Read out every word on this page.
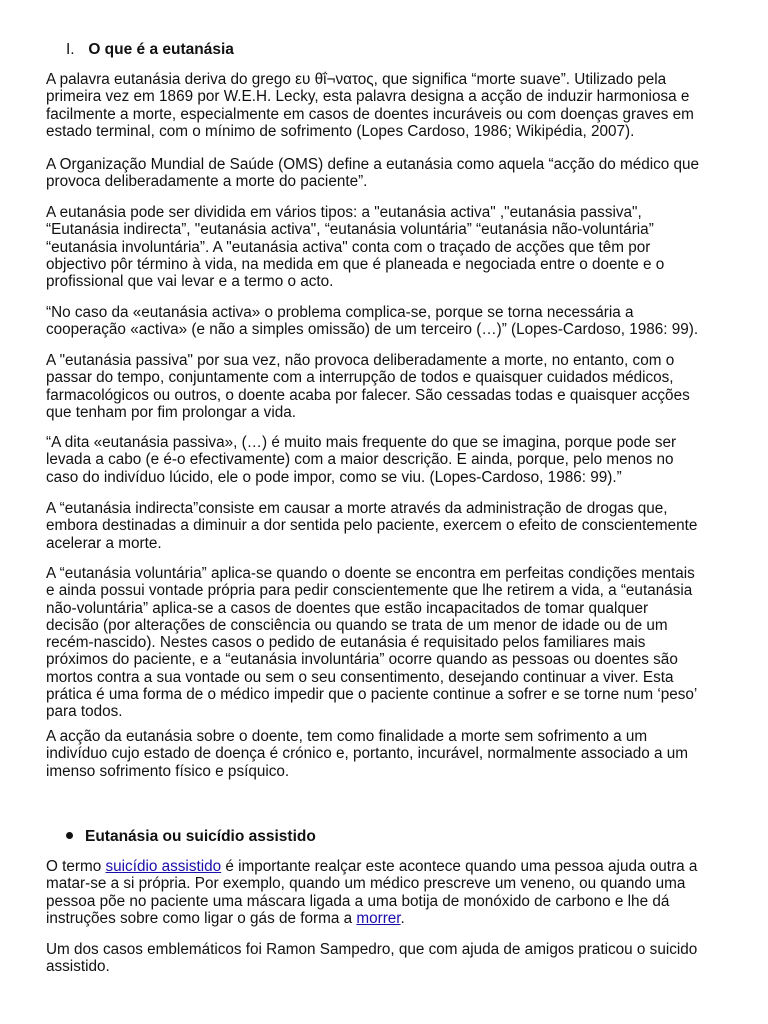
I. O que é a eutanásia

A palavra eutanásia deriva do grego ευ θΐ¬νατος, que significa “morte suave”. Utilizado pela
primeira vez em 1869 por W.E.H. Lecky, esta palavra designa a acção de induzir harmoniosa e
facilmente a morte, especialmente em casos de doentes incuráveis ou com doenças graves em
estado terminal, com o mínimo de sofrimento (Lopes Cardoso, 1986; Wikipédia, 2007).

A Organização Mundial de Saúde (OMS) define a eutanásia como aquela “acção do médico que
provoca deliberadamente a morte do paciente”.

A eutanásia pode ser dividida em vários tipos: a "eutanásia activa" ,"eutanásia passiva",
“Eutanásia indirecta”, "eutanásia activa", “eutanásia voluntária” “eutanásia não-voluntária”
“eutanásia involuntária”. A "eutanásia activa" conta com o traçado de acções que têm por
objectivo pôr término à vida, na medida em que é planeada e negociada entre o doente e o
profissional que vai levar e a termo o acto.

“No caso da «eutanásia activa» o problema complica-se, porque se torna necessária a
cooperação «activa» (e não a simples omissão) de um terceiro (…)” (Lopes-Cardoso, 1986: 99).

A "eutanásia passiva" por sua vez, não provoca deliberadamente a morte, no entanto, com o
passar do tempo, conjuntamente com a interrupção de todos e quaisquer cuidados médicos,
farmacológicos ou outros, o doente acaba por falecer. São cessadas todas e quaisquer acções
que tenham por fim prolongar a vida.

“A dita «eutanásia passiva», (…) é muito mais frequente do que se imagina, porque pode ser
levada a cabo (e é-o efectivamente) com a maior descrição. E ainda, porque, pelo menos no
caso do indivíduo lúcido, ele o pode impor, como se viu. (Lopes-Cardoso, 1986: 99).”

A “eutanásia indirecta”consiste em causar a morte através da administração de drogas que,
embora destinadas a diminuir a dor sentida pelo paciente, exercem o efeito de conscientemente
acelerar a morte.

A “eutanásia voluntária” aplica-se quando o doente se encontra em perfeitas condições mentais
e ainda possui vontade própria para pedir conscientemente que lhe retirem a vida, a “eutanásia
não-voluntária” aplica-se a casos de doentes que estão incapacitados de tomar qualquer
decisão (por alterações de consciência ou quando se trata de um menor de idade ou de um
recém-nascido). Nestes casos o pedido de eutanásia é requisitado pelos familiares mais
próximos do paciente, e a “eutanásia involuntária” ocorre quando as pessoas ou doentes são
mortos contra a sua vontade ou sem o seu consentimento, desejando continuar a viver. Esta
prática é uma forma de o médico impedir que o paciente continue a sofrer e se torne num ‘peso’
para todos.

A acção da eutanásia sobre o doente, tem como finalidade a morte sem sofrimento a um
indivíduo cujo estado de doença é crónico e, portanto, incurável, normalmente associado a um
imenso sofrimento físico e psíquico.

Eutanásia ou suicídio assistido

O termo suicídio assistido é importante realçar este acontece quando uma pessoa ajuda outra a
matar-se a si própria. Por exemplo, quando um médico prescreve um veneno, ou quando uma
pessoa põe no paciente uma máscara ligada a uma botija de monóxido de carbono e lhe dá
instruções sobre como ligar o gás de forma a morrer.

Um dos casos emblemáticos foi Ramon Sampedro, que com ajuda de amigos praticou o suicido
assistido.
